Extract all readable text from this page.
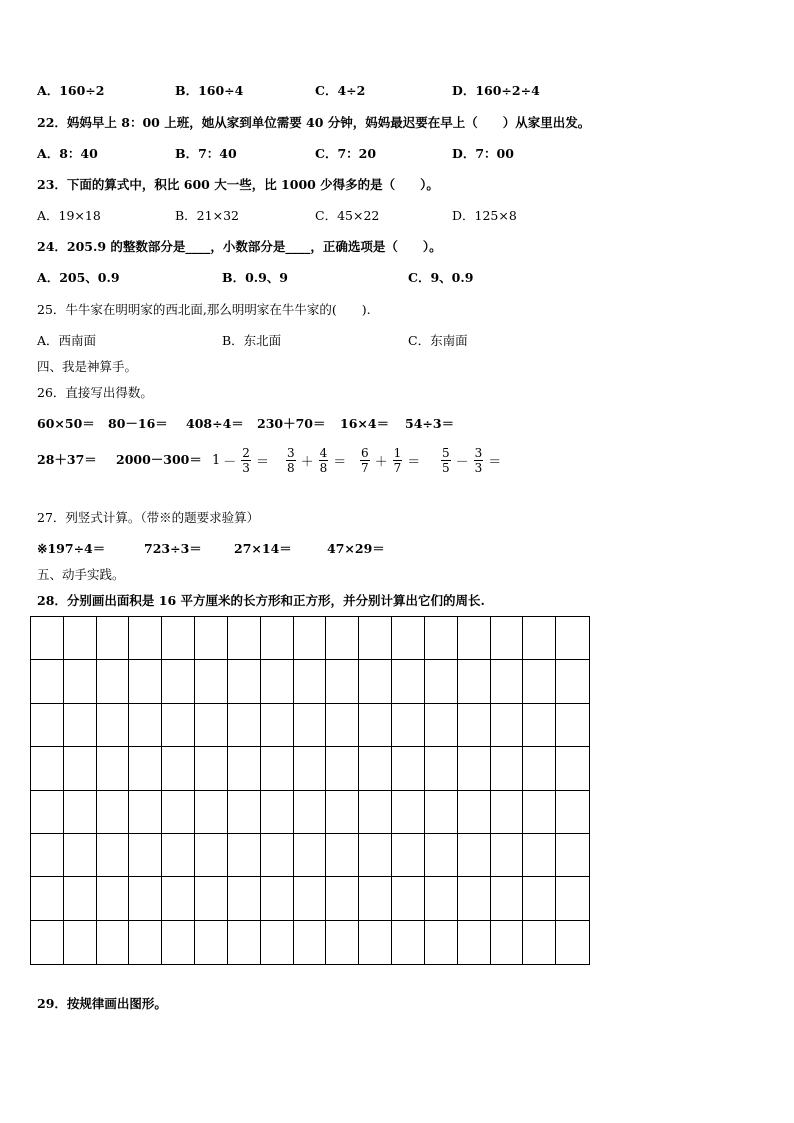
A．160÷2	B．160÷4	C．4÷2	D．160÷2÷4
22．妈妈早上 8：00 上班，她从家到单位需要 40 分钟，妈妈最迟要在早上（　　）从家里出发。
A．8：40	B．7：40	C．7：20	D．7：00
23．下面的算式中，积比 600 大一些，比 1000 少得多的是（　　）。
A．19×18	B．21×32	C．45×22	D．125×8
24．205.9 的整数部分是____，小数部分是____，正确选项是（　　）。
A．205、0.9	B．0.9、9	C．9、0.9
25．牛牛家在明明家的西北面,那么明明家在牛牛家的(　　).
A．西南面	B．东北面	C．东南面
四、我是神算手。
26．直接写出得数。
60×50＝ 80－16＝ 408÷4＝ 230＋70＝ 16×4＝ 54÷3＝
$28+37= 2000-300= 1 - \frac{2}{3} = \frac{3}{8} + \frac{4}{8} = \frac{6}{7} + \frac{1}{7} = \frac{5}{5} - \frac{3}{3}$ ＝
27．列竖式计算。（带※的题要求验算）
※197÷4＝	723÷3＝	27×14＝	47×29＝
五、动手实践。
28．分别画出面积是 16 平方厘米的长方形和正方形，并分别计算出它们的周长.
29．按规律画出图形。
